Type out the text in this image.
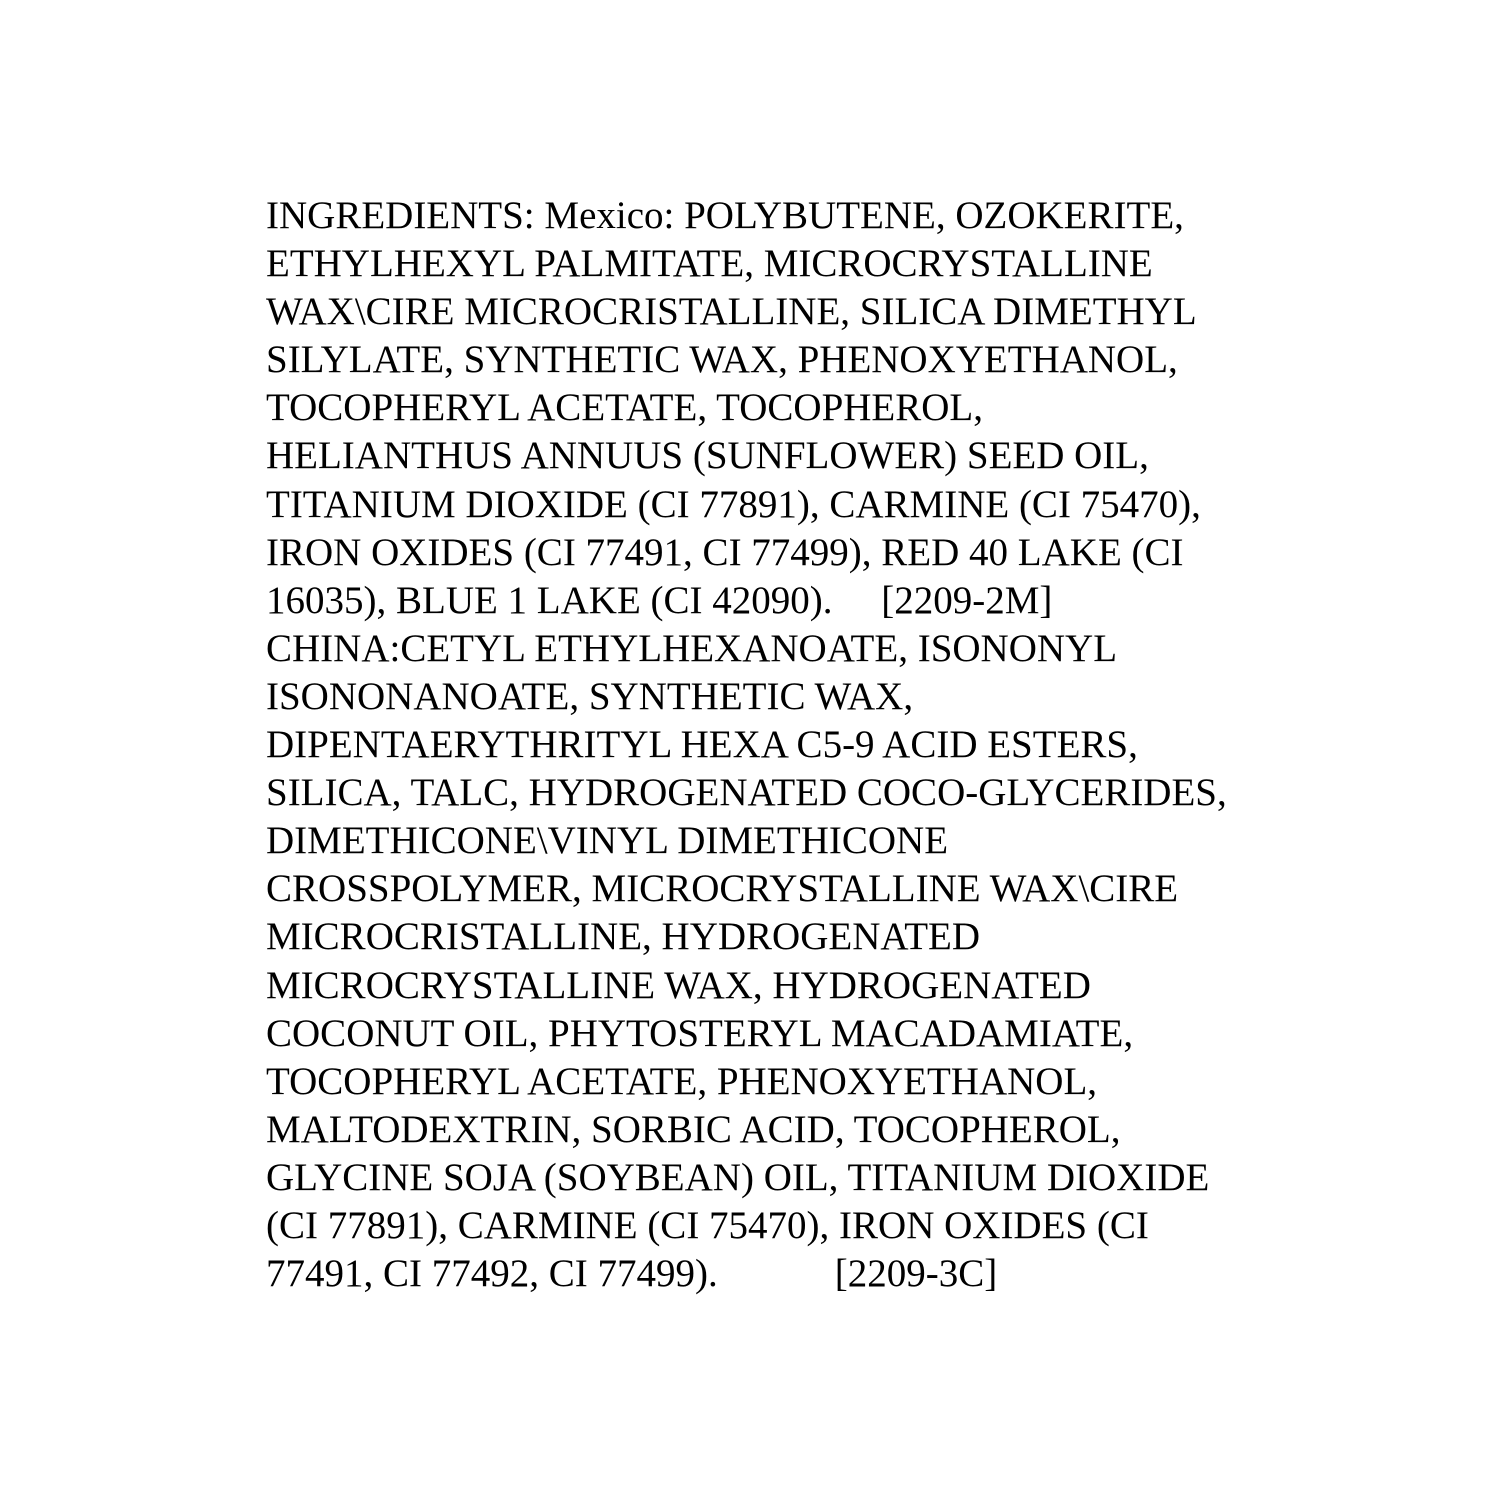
INGREDIENTS: Mexico: POLYBUTENE, OZOKERITE,
ETHYLHEXYL PALMITATE, MICROCRYSTALLINE
WAX\CIRE MICROCRISTALLINE, SILICA DIMETHYL
SILYLATE, SYNTHETIC WAX, PHENOXYETHANOL,
TOCOPHERYL ACETATE, TOCOPHEROL,
HELIANTHUS ANNUUS (SUNFLOWER) SEED OIL,
TITANIUM DIOXIDE (CI 77891), CARMINE (CI 75470),
IRON OXIDES (CI 77491, CI 77499), RED 40 LAKE (CI
16035), BLUE 1 LAKE (CI 42090).     [2209-2M]
CHINA:CETYL ETHYLHEXANOATE, ISONONYL
ISONONANOATE, SYNTHETIC WAX,
DIPENTAERYTHRITYL HEXA C5-9 ACID ESTERS,
SILICA, TALC, HYDROGENATED COCO-GLYCERIDES,
DIMETHICONE\VINYL DIMETHICONE
CROSSPOLYMER, MICROCRYSTALLINE WAX\CIRE
MICROCRISTALLINE, HYDROGENATED
MICROCRYSTALLINE WAX, HYDROGENATED
COCONUT OIL, PHYTOSTERYL MACADAMIATE,
TOCOPHERYL ACETATE, PHENOXYETHANOL,
MALTODEXTRIN, SORBIC ACID, TOCOPHEROL,
GLYCINE SOJA (SOYBEAN) OIL, TITANIUM DIOXIDE
(CI 77891), CARMINE (CI 75470), IRON OXIDES (CI
77491, CI 77492, CI 77499).            [2209-3C]
